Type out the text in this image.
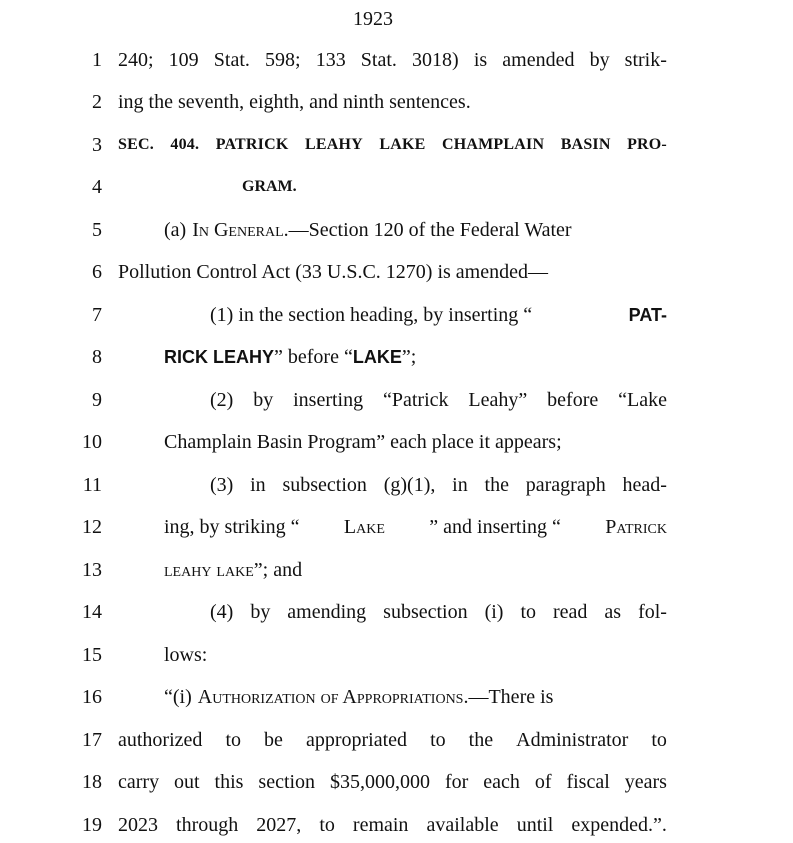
1923
1 240; 109 Stat. 598; 133 Stat. 3018) is amended by strik-
2 ing the seventh, eighth, and ninth sentences.
3 SEC. 404. PATRICK LEAHY LAKE CHAMPLAIN BASIN PRO-
4	GRAM.
5	(a) In General. —Section 120 of the Federal Water
6 Pollution Control Act (33 U.S.C. 1270) is amended—
7	(1) in the section heading, by inserting “	PAT-
8	RICK LEAHY ” before “ LAKE ”;
9	(2) by inserting “Patrick Leahy” before “Lake
10	Champlain Basin Program” each place it appears;
11	(3) in subsection (g)(1), in the paragraph head-
12	ing, by striking “ Lake ” and inserting “ Patrick
13	leahy lake ”; and
14	(4) by amending subsection (i) to read as fol-
15	lows:
16	“(i) Authorization of Appropriations. —There is
17 authorized to be appropriated to the Administrator to
18 carry out this section $35,000,000 for each of fiscal years
19 2023 through 2027, to remain available until expended.”.
